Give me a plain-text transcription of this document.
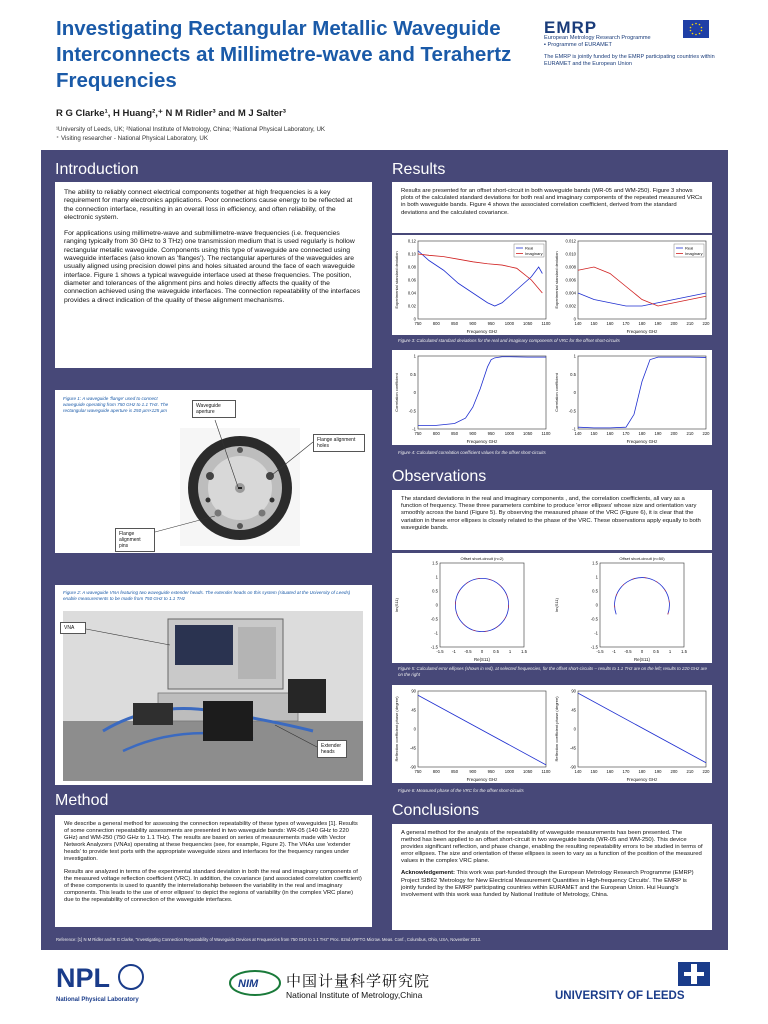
Investigating Rectangular Metallic Waveguide Interconnects at Millimetre-wave and Terahertz Frequencies
R G Clarke¹, H Huang²,⁺ N M Ridler³ and M J Salter³
¹University of Leeds, UK; ²National Institute of Metrology, China; ³National Physical Laboratory, UK
⁺ Visiting researcher - National Physical Laboratory, UK
EMRP
European Metrology Research Programme
▪ Programme of EURAMET
The EMRP is jointly funded by the EMRP participating countries within EURAMET and the European Union
Introduction

The ability to reliably connect electrical components together at high frequencies is a key requirement for many electronics applications. Poor connections cause energy to be reflected at the connection interface, resulting in an overall loss in efficiency, and often reliability, of the electronic system.

For applications using millimetre-wave and submillimetre-wave frequencies (i.e. frequencies ranging typically from 30 GHz to 3 THz) one transmission medium that is used regularly is hollow rectangular metallic waveguide. Components using this type of waveguide are connected using waveguide interfaces (also known as 'flanges'). The rectangular apertures of the waveguides are usually aligned using precision dowel pins and holes situated around the face of each waveguide interface. Figure 1 shows a typical waveguide interface used at these frequencies. The position, diameter and tolerances of the alignment pins and holes directly affects the quality of the connection achieved using the waveguide interfaces. The connection repeatability of the interfaces provides a direct indication of the quality of these alignment mechanisms.

Figure 1: A waveguide 'flange' used to connect waveguide operating from 750 GHz to 1.1 THz. The rectangular waveguide aperture is 250 µm×125 µm
Waveguide aperture
Flange alignment holes
Flange alignment pins
Figure 2: A waveguide VNA featuring two waveguide extender heads. The extender heads on this system (situated at the University of Leeds) enable measurements to be made from 750 GHz to 1.1 THz
VNA
Extender heads
Method

We describe a general method for assessing the connection repeatability of these types of waveguides [1]. Results of some connection repeatability assessments are presented in two waveguide bands: WR-05 (140 GHz to 220 GHz) and WM-250 (750 GHz to 1.1 THz). The results are based on series of measurements made with Vector Network Analyzers (VNAs) operating at these frequencies (see, for example, Figure 2). The VNAs use 'extender heads' to provide test ports with the appropriate waveguide sizes and interfaces for the frequency ranges under investigation.

Results are analyzed in terms of the experimental standard deviation in both the real and imaginary components of the measured voltage reflection coefficient (VRC). In addition, the covariance (and associated correlation coefficient) of these components is used to quantify the interrelationship between the variability in the real and imaginary components. This leads to the use of error ellipses' to depict the regions of variability (in the complex VRC plane) due to the repeatability of connection of the waveguide interfaces.

Results

Results are presented for an offset short-circuit in both waveguide bands (WR-05 and WM-250). Figure 3 shows plots of the calculated standard deviations for both real and imaginary components of the repeated measured VRCs in both waveguide bands. Figure 4 shows the associated correlation coefficient, derived from the standard deviations and the calculated covariance.

750	800	850	900	950 1000 1050 1100
0
0.02
0.04
0.06
0.08
0.10
0.12
Frequency GHz
Experimental standard deviation
Real
Imaginary
140 150 160 170 180 190 200 210 220
0
0.002
0.004
0.006
0.008
0.010
0.012
Frequency GHz
Experimental standard deviation
Real
Imaginary
Figure 3: Calculated standard deviations for the real and imaginary components of VRC for the offset short-circuits
750	800	850	900	950 1000 1050 1100
-1
-0.5
0
0.5
1
Frequency GHz
Correlation coefficient
140 150 160 170 180 190 200 210 220
-1
-0.5
0
0.5
1
Frequency GHz
Correlation coefficient
Figure 4: Calculated correlation coefficient values for the offset short-circuits
Observations

The standard deviations in the real and imaginary components , and, the correlation coefficients, all vary as a function of frequency. These three parameters combine to produce 'error ellipses' whose size and orientation vary smoothly across the band (Figure 5). By observing the measured phase of the VRC (Figure 6), it is clear that the variation in these error ellipses is closely related to the phase of the VRC. These observations apply equally to both waveguide bands.

Offset short-circuit (n=2)
-1.5 -1 -0.5 0 0.5 1 1.5
-1.5
-1
-0.5
0
0.5
1
1.5
Re(S11)
Im(S11)
Offset short-circuit (n=50)
-1.5 -1 -0.5 0 0.5 1 1.5
-1.5
-1
-0.5
0
0.5
1
1.5
Re(S11)
Im(S11)
Figure 5: Calculated error ellipses (shown in red), at selected frequencies, for the offset short-circuits – results to 1.1 THz are on the left; results to 220 GHz are on the right
750	800	850	900	950 1000 1050 1100
-90
-45
0
45
90
Frequency GHz
Reflection coefficient phase (degree)
140 150 160 170 180 190 200 210 220
-90
-45
0
45
90
Frequency GHz
Reflection coefficient phase (degree)
Figure 6: Measured phase of the VRC for the offset short-circuits
Conclusions

A general method for the analysis of the repeatability of waveguide measurements has been presented. The method has been applied to an offset short-circuit in two waveguide bands (WR-05 and WM-250). This device provides significant reflection, and phase change, enabling the resulting repeatability errors to be studied in terms of error ellipses. The size and orientation of these ellipses is seen to vary as a function of the position of the measured values in the complex VRC plane.

Acknowledgement: This work was part-funded through the European Metrology Research Programme (EMRP) Project SIB62 'Metrology for New Electrical Measurement Quantities in High-frequency Circuits'. The EMRP is jointly funded by the EMRP participating countries within EURAMET and the European Union. Hui Huang's involvement with this work was funded by National Institute of Metrology, China.

Reference: [1] N M Ridler and R G Clarke, "Investigating Connection Repeatability of Waveguide Devices at Frequencies from 750 GHz to 1.1 THz" Proc. 82nd ARFTG Microw. Meas. Conf., Columbus, Ohio, USA, November 2013.
NPL
National Physical Laboratory
NIM 中国计量科学研究院
National Institute of Metrology,China	UNIVERSITY OF LEEDS
